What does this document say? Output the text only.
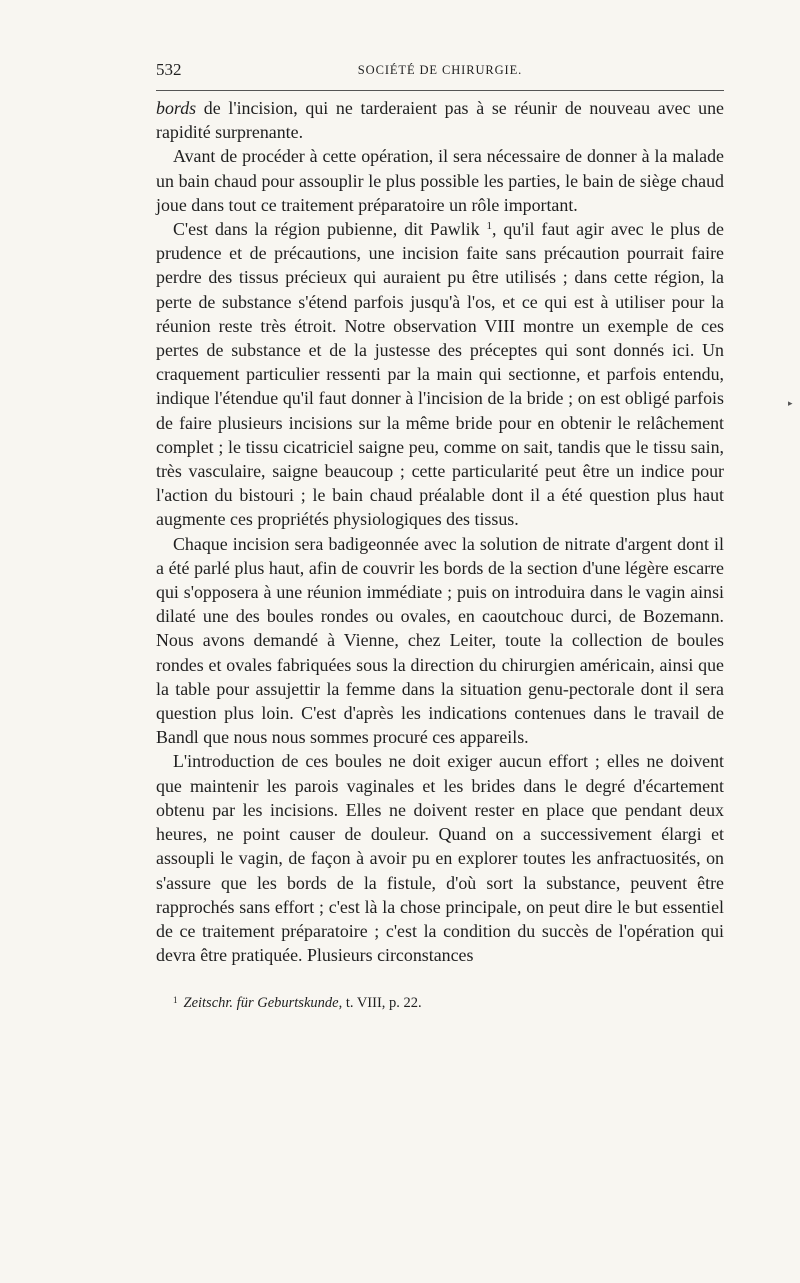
532	SOCIÉTÉ DE CHIRURGIE.

bords de l'incision, qui ne tarderaient pas à se réunir de nouveau avec une rapidité surprenante.

Avant de procéder à cette opération, il sera nécessaire de donner à la malade un bain chaud pour assouplir le plus possible les parties, le bain de siège chaud joue dans tout ce traitement préparatoire un rôle important.

C'est dans la région pubienne, dit Pawlik $^1$, qu'il faut agir avec le plus de prudence et de précautions, une incision faite sans précaution pourrait faire perdre des tissus précieux qui auraient pu être utilisés ; dans cette région, la perte de substance s'étend parfois jusqu'à l'os, et ce qui est à utiliser pour la réunion reste très étroit. Notre observation VIII montre un exemple de ces pertes de substance et de la justesse des préceptes qui sont donnés ici. Un craquement particulier ressenti par la main qui sectionne, et parfois entendu, indique l'étendue qu'il faut donner à l'incision de la bride ; on est obligé parfois de faire plusieurs incisions sur la même bride pour en obtenir le relâchement complet ; le tissu cicatriciel saigne peu, comme on sait, tandis que le tissu sain, très vasculaire, saigne beaucoup ; cette particularité peut être un indice pour l'action du bistouri ; le bain chaud préalable dont il a été question plus haut augmente ces propriétés physiologiques des tissus.

Chaque incision sera badigeonnée avec la solution de nitrate d'argent dont il a été parlé plus haut, afin de couvrir les bords de la section d'une légère escarre qui s'opposera à une réunion immédiate ; puis on introduira dans le vagin ainsi dilaté une des boules rondes ou ovales, en caoutchouc durci, de Bozemann. Nous avons demandé à Vienne, chez Leiter, toute la collection de boules rondes et ovales fabriquées sous la direction du chirurgien américain, ainsi que la table pour assujettir la femme dans la situation genu-pectorale dont il sera question plus loin. C'est d'après les indications contenues dans le travail de Bandl que nous nous sommes procuré ces appareils.

L'introduction de ces boules ne doit exiger aucun effort ; elles ne doivent que maintenir les parois vaginales et les brides dans le degré d'écartement obtenu par les incisions. Elles ne doivent rester en place que pendant deux heures, ne point causer de douleur. Quand on a successivement élargi et assoupli le vagin, de façon à avoir pu en explorer toutes les anfractuosités, on s'assure que les bords de la fistule, d'où sort la substance, peuvent être rapprochés sans effort ; c'est là la chose principale, on peut dire le but essentiel de ce traitement préparatoire ; c'est la condition du succès de l'opération qui devra être pratiquée. Plusieurs circonstances

$^1$ Zeitschr. für Geburtskunde, t. VIII, p. 22.
▸
